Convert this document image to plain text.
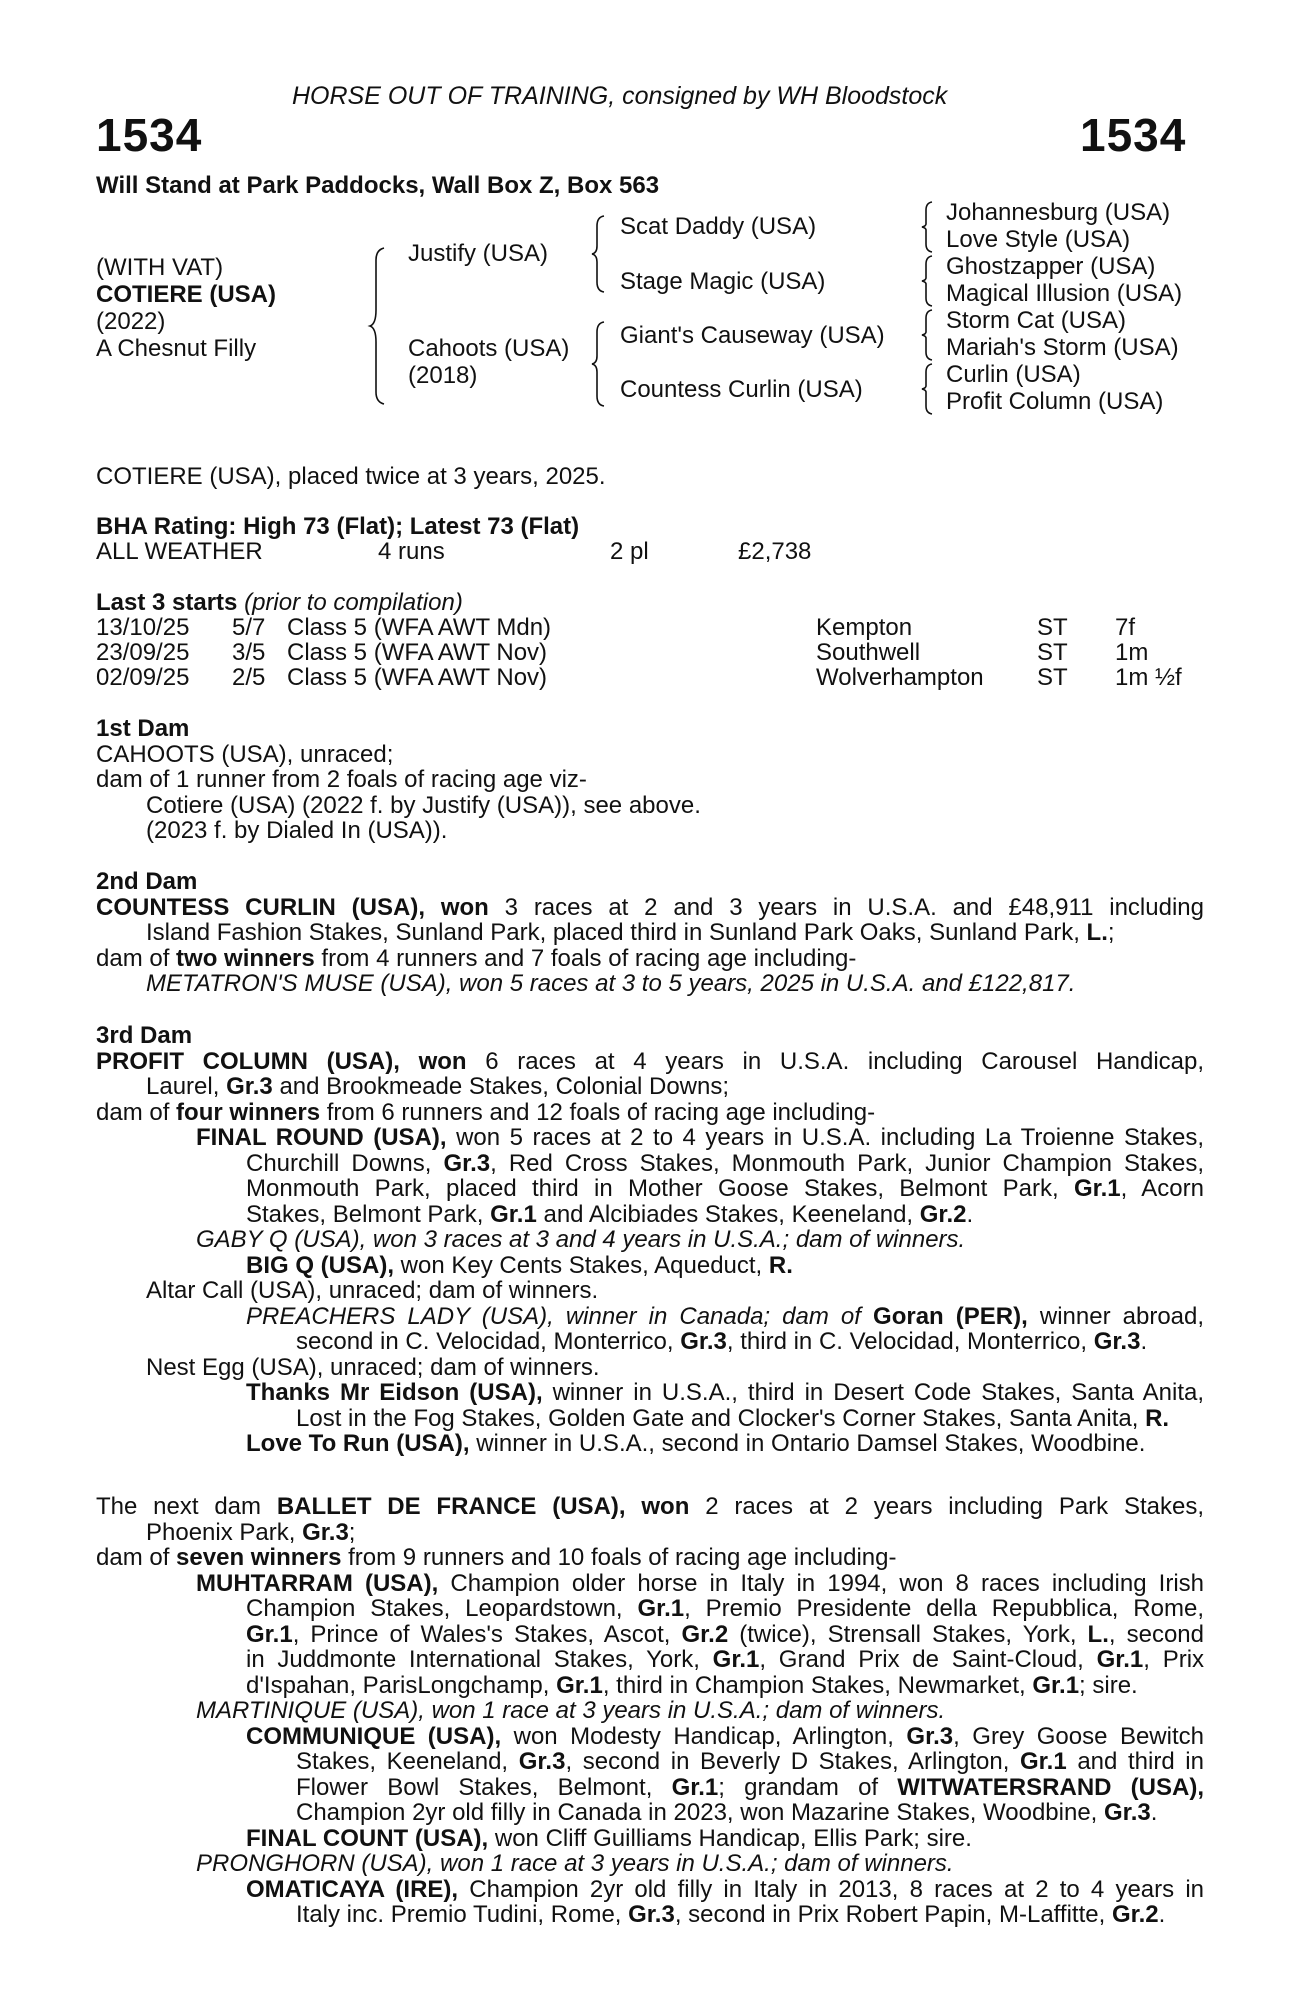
HORSE OUT OF TRAINING, consigned by WH Bloodstock
1534	1534
Will Stand at Park Paddocks, Wall Box Z, Box 563
(WITH VAT)
COTIERE (USA)
(2022)
A Chesnut Filly
Justify (USA)
Cahoots (USA)
(2018)
Scat Daddy (USA)
Stage Magic (USA)
Giant's Causeway (USA)
Countess Curlin (USA)
Johannesburg (USA)
Love Style (USA)
Ghostzapper (USA)
Magical Illusion (USA)
Storm Cat (USA)
Mariah's Storm (USA)
Curlin (USA)
Profit Column (USA)
COTIERE (USA), placed twice at 3 years, 2025.
BHA Rating: High 73 (Flat); Latest 73 (Flat)
ALL WEATHER	4 runs	2 pl	£2,738
Last 3 starts (prior to compilation)
13/10/25 5/7 Class 5 (WFA AWT Mdn)	Kempton	ST 7f
23/09/25 3/5 Class 5 (WFA AWT Nov)	Southwell	ST 1m
02/09/25 2/5 Class 5 (WFA AWT Nov)	Wolverhampton ST 1m ½f
1st Dam
CAHOOTS (USA), unraced;
dam of 1 runner from 2 foals of racing age viz-
Cotiere (USA) (2022 f. by Justify (USA)), see above.
(2023 f. by Dialed In (USA)).
2nd Dam
COUNTESS CURLIN (USA), won 3 races at 2 and 3 years in U.S.A. and £48,911 including
Island Fashion Stakes, Sunland Park, placed third in Sunland Park Oaks, Sunland Park, L.;
dam of two winners from 4 runners and 7 foals of racing age including-
METATRON'S MUSE (USA), won 5 races at 3 to 5 years, 2025 in U.S.A. and £122,817.
3rd Dam
PROFIT COLUMN (USA), won 6 races at 4 years in U.S.A. including Carousel Handicap,
Laurel, Gr.3 and Brookmeade Stakes, Colonial Downs;
dam of four winners from 6 runners and 12 foals of racing age including-
FINAL ROUND (USA), won 5 races at 2 to 4 years in U.S.A. including La Troienne Stakes,
Churchill Downs, Gr.3, Red Cross Stakes, Monmouth Park, Junior Champion Stakes,
Monmouth Park, placed third in Mother Goose Stakes, Belmont Park, Gr.1, Acorn
Stakes, Belmont Park, Gr.1 and Alcibiades Stakes, Keeneland, Gr.2.
GABY Q (USA), won 3 races at 3 and 4 years in U.S.A.; dam of winners.
BIG Q (USA), won Key Cents Stakes, Aqueduct, R.
Altar Call (USA), unraced; dam of winners.
PREACHERS LADY (USA), winner in Canada; dam of Goran (PER), winner abroad,
second in C. Velocidad, Monterrico, Gr.3, third in C. Velocidad, Monterrico, Gr.3.
Nest Egg (USA), unraced; dam of winners.
Thanks Mr Eidson (USA), winner in U.S.A., third in Desert Code Stakes, Santa Anita,
Lost in the Fog Stakes, Golden Gate and Clocker's Corner Stakes, Santa Anita, R.
Love To Run (USA), winner in U.S.A., second in Ontario Damsel Stakes, Woodbine.
The next dam BALLET DE FRANCE (USA), won 2 races at 2 years including Park Stakes,
Phoenix Park, Gr.3;
dam of seven winners from 9 runners and 10 foals of racing age including-
MUHTARRAM (USA), Champion older horse in Italy in 1994, won 8 races including Irish
Champion Stakes, Leopardstown, Gr.1, Premio Presidente della Repubblica, Rome,
Gr.1, Prince of Wales's Stakes, Ascot, Gr.2 (twice), Strensall Stakes, York, L., second
in Juddmonte International Stakes, York, Gr.1, Grand Prix de Saint-Cloud, Gr.1, Prix
d'Ispahan, ParisLongchamp, Gr.1, third in Champion Stakes, Newmarket, Gr.1; sire.
MARTINIQUE (USA), won 1 race at 3 years in U.S.A.; dam of winners.
COMMUNIQUE (USA), won Modesty Handicap, Arlington, Gr.3, Grey Goose Bewitch
Stakes, Keeneland, Gr.3, second in Beverly D Stakes, Arlington, Gr.1 and third in
Flower Bowl Stakes, Belmont, Gr.1; grandam of WITWATERSRAND (USA),
Champion 2yr old filly in Canada in 2023, won Mazarine Stakes, Woodbine, Gr.3.
FINAL COUNT (USA), won Cliff Guilliams Handicap, Ellis Park; sire.
PRONGHORN (USA), won 1 race at 3 years in U.S.A.; dam of winners.
OMATICAYA (IRE), Champion 2yr old filly in Italy in 2013, 8 races at 2 to 4 years in
Italy inc. Premio Tudini, Rome, Gr.3, second in Prix Robert Papin, M-Laffitte, Gr.2.
